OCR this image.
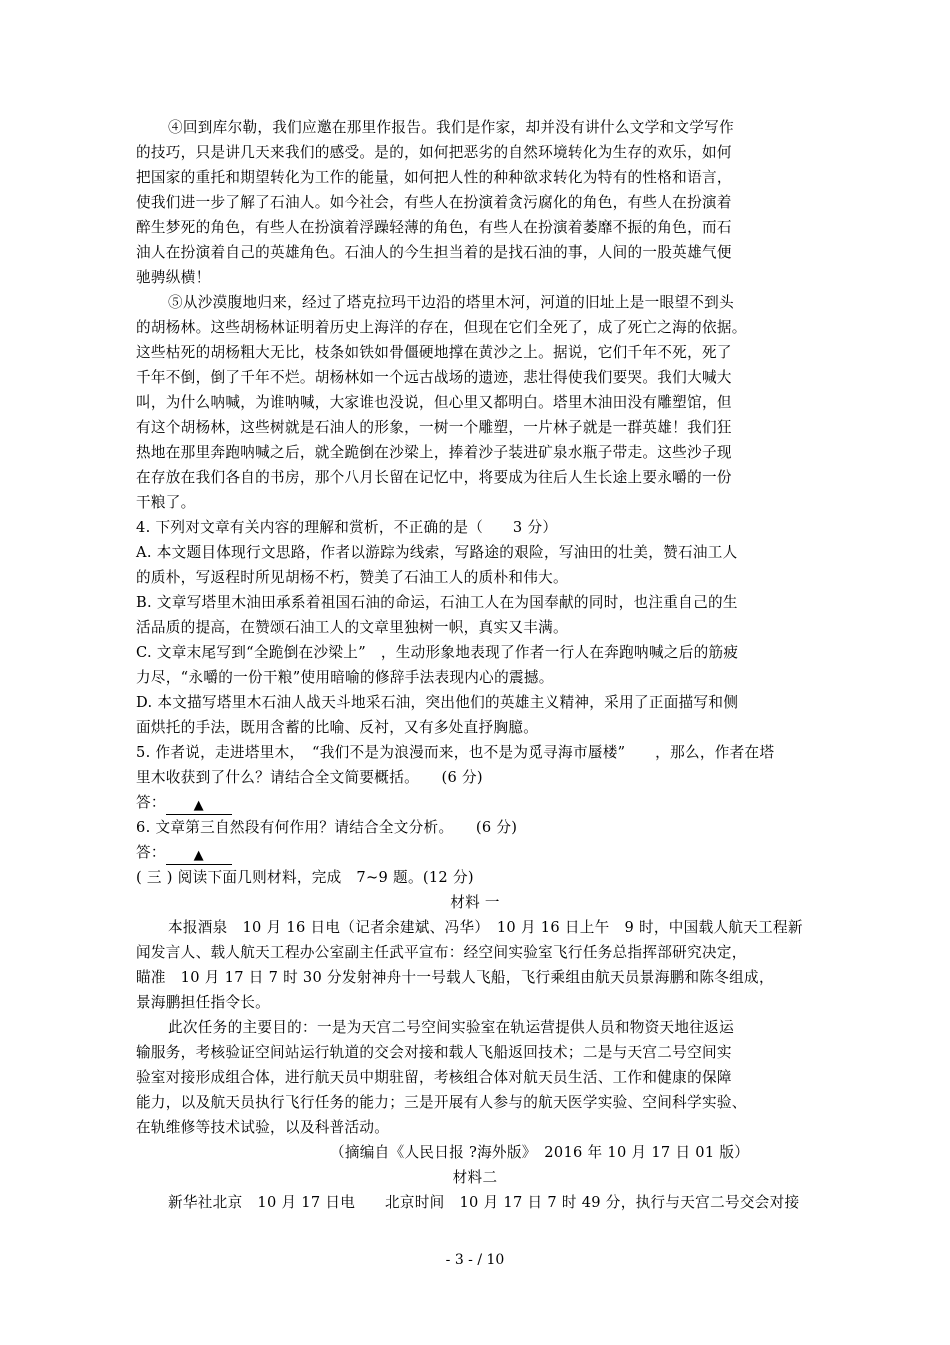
④回到库尔勒，我们应邀在那里作报告。我们是作家，却并没有讲什么文学和文学写作
的技巧，只是讲几天来我们的感受。是的，如何把恶劣的自然环境转化为生存的欢乐，如何
把国家的重托和期望转化为工作的能量，如何把人性的种种欲求转化为特有的性格和语言，
使我们进一步了解了石油人。如今社会，有些人在扮演着贪污腐化的角色，有些人在扮演着
醉生梦死的角色，有些人在扮演着浮躁轻薄的角色，有些人在扮演着萎靡不振的角色，而石
油人在扮演着自己的英雄角色。石油人的今生担当着的是找石油的事，人间的一股英雄气便
驰骋纵横！
⑤从沙漠腹地归来，经过了塔克拉玛干边沿的塔里木河，河道的旧址上是一眼望不到头
的胡杨林。这些胡杨林证明着历史上海洋的存在，但现在它们全死了，成了死亡之海的依据。
这些枯死的胡杨粗大无比，枝条如铁如骨僵硬地撑在黄沙之上。据说，它们千年不死，死了
千年不倒，倒了千年不烂。胡杨林如一个远古战场的遗迹，悲壮得使我们要哭。我们大喊大
叫，为什么呐喊，为谁呐喊，大家谁也没说，但心里又都明白。塔里木油田没有雕塑馆，但
有这个胡杨林，这些树就是石油人的形象，一树一个雕塑，一片林子就是一群英雄！我们狂
热地在那里奔跑呐喊之后，就全跪倒在沙梁上，捧着沙子装进矿泉水瓶子带走。这些沙子现
在存放在我们各自的书房，那个八月长留在记忆中，将要成为往后人生长途上要永嚼的一份
干粮了。
4. 下列对文章有关内容的理解和赏析，不正确的是（　　3 分）
A. 本文题目体现行文思路，作者以游踪为线索，写路途的艰险，写油田的壮美，赞石油工人
的质朴，写返程时所见胡杨不朽，赞美了石油工人的质朴和伟大。
B. 文章写塔里木油田承系着祖国石油的命运，石油工人在为国奉献的同时，也注重自己的生
活品质的提高，在赞颂石油工人的文章里独树一帜，真实又丰满。
C. 文章末尾写到“全跪倒在沙梁上”　，生动形象地表现了作者一行人在奔跑呐喊之后的筋疲
力尽，“永嚼的一份干粮”使用暗喻的修辞手法表现内心的震撼。
D. 本文描写塔里木石油人战天斗地采石油，突出他们的英雄主义精神，采用了正面描写和侧
面烘托的手法，既用含蓄的比喻、反衬，又有多处直抒胸臆。
5. 作者说，走进塔里木，　“我们不是为浪漫而来，也不是为觅寻海市蜃楼”　　，那么，作者在塔
里木收获到了什么？请结合全文简要概括。　　(6 分)
答： ▲
6. 文章第三自然段有何作用？请结合全文分析。　　(6 分)
答： ▲
( 三 ) 阅读下面几则材料，完成　7~9 题。(12 分)
材料 一
本报酒泉　10 月 16 日电（记者余建斌、冯华）　10 月 16 日上午　9 时，中国载人航天工程新
闻发言人、载人航天工程办公室副主任武平宣布：经空间实验室飞行任务总指挥部研究决定，
瞄准　10 月 17 日 7 时 30 分发射神舟十一号载人飞船，飞行乘组由航天员景海鹏和陈冬组成，
景海鹏担任指令长。
此次任务的主要目的：一是为天宫二号空间实验室在轨运营提供人员和物资天地往返运
输服务，考核验证空间站运行轨道的交会对接和载人飞船返回技术；二是与天宫二号空间实
验室对接形成组合体，进行航天员中期驻留，考核组合体对航天员生活、工作和健康的保障
能力，以及航天员执行飞行任务的能力；三是开展有人参与的航天医学实验、空间科学实验、
在轨维修等技术试验，以及科普活动。
（摘编自《人民日报 ?海外版》　2016 年 10 月 17 日 01 版）
材料二
新华社北京　10 月 17 日电　　北京时间　10 月 17 日 7 时 49 分，执行与天宫二号交会对接
- 3 - / 10
